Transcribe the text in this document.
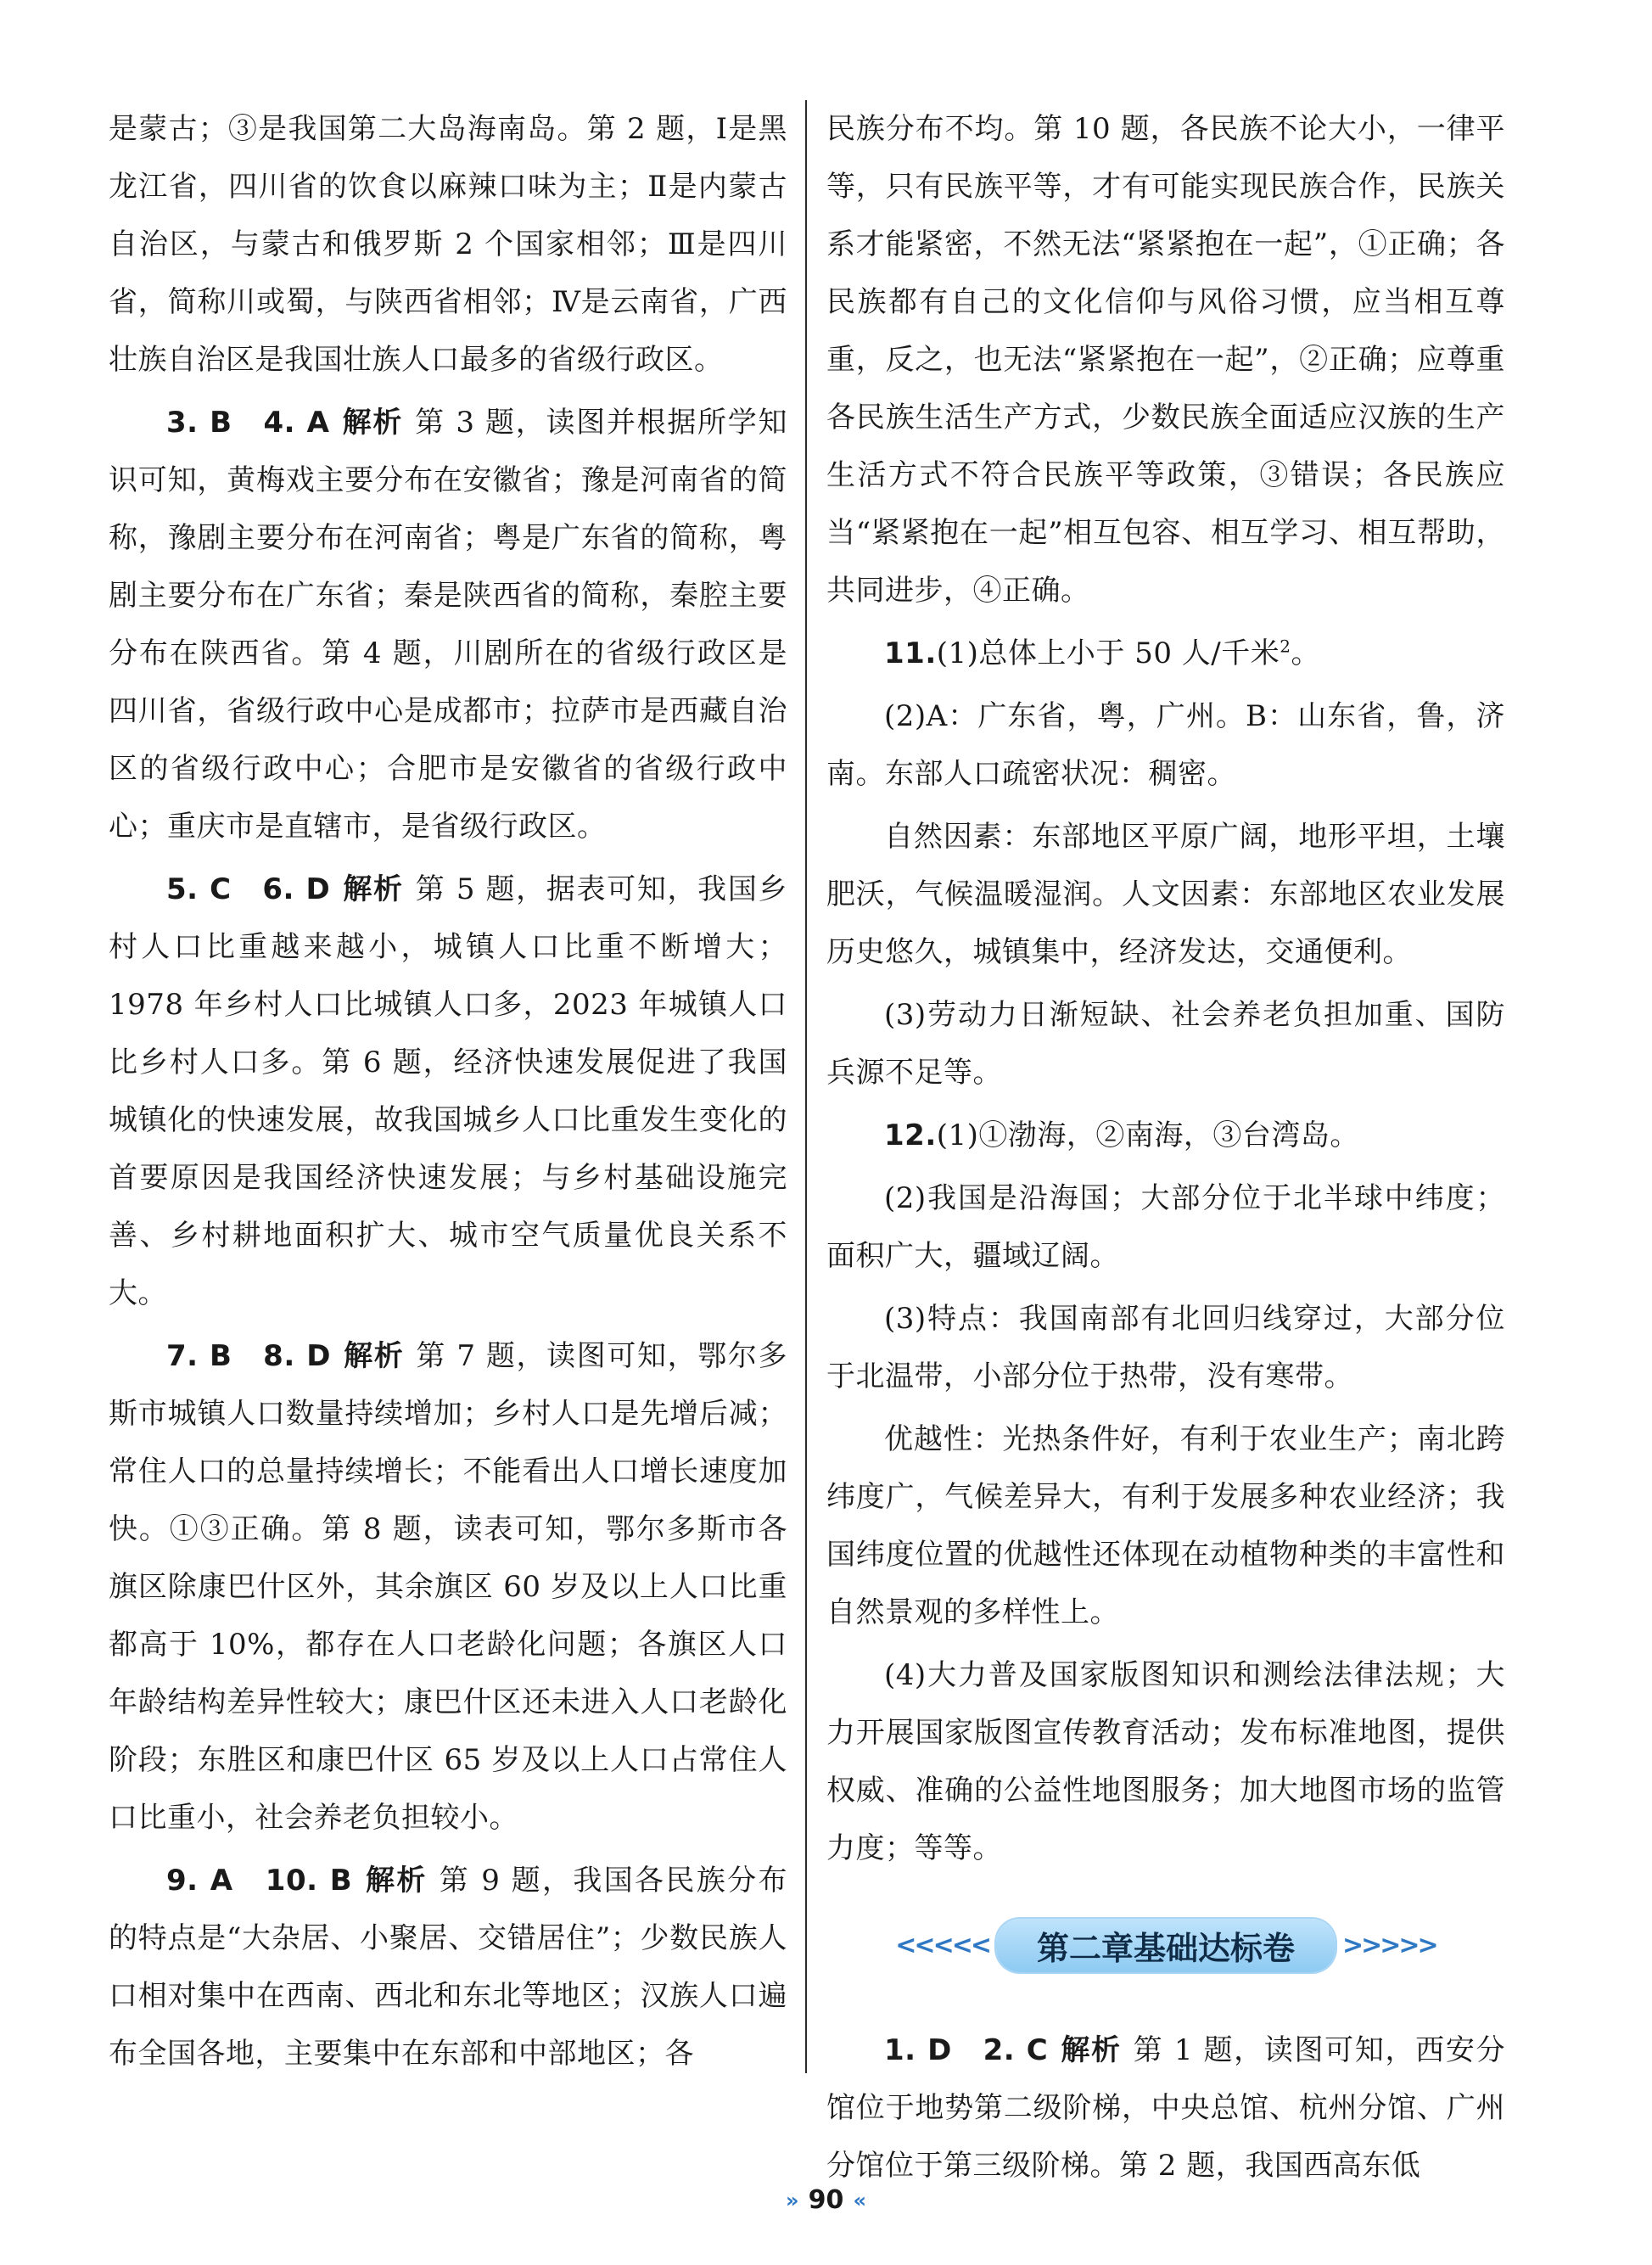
是蒙古；③是我国第二大岛海南岛。第 2 题，Ⅰ是黑龙江省，四川省的饮食以麻辣口味为主；Ⅱ是内蒙古自治区，与蒙古和俄罗斯 2 个国家相邻；Ⅲ是四川省，简称川或蜀，与陕西省相邻；Ⅳ是云南省，广西壮族自治区是我国壮族人口最多的省级行政区。

3. B　4. A 解析 第 3 题，读图并根据所学知识可知，黄梅戏主要分布在安徽省；豫是河南省的简称，豫剧主要分布在河南省；粤是广东省的简称，粤剧主要分布在广东省；秦是陕西省的简称，秦腔主要分布在陕西省。第 4 题，川剧所在的省级行政区是四川省，省级行政中心是成都市；拉萨市是西藏自治区的省级行政中心；合肥市是安徽省的省级行政中心；重庆市是直辖市，是省级行政区。

5. C　6. D 解析 第 5 题，据表可知，我国乡村人口比重越来越小，城镇人口比重不断增大；1978 年乡村人口比城镇人口多，2023 年城镇人口比乡村人口多。第 6 题，经济快速发展促进了我国城镇化的快速发展，故我国城乡人口比重发生变化的首要原因是我国经济快速发展；与乡村基础设施完善、乡村耕地面积扩大、城市空气质量优良关系不大。

7. B　8. D 解析 第 7 题，读图可知，鄂尔多斯市城镇人口数量持续增加；乡村人口是先增后减；常住人口的总量持续增长；不能看出人口增长速度加快。①③正确。第 8 题，读表可知，鄂尔多斯市各旗区除康巴什区外，其余旗区 60 岁及以上人口比重都高于 10%，都存在人口老龄化问题；各旗区人口年龄结构差异性较大；康巴什区还未进入人口老龄化阶段；东胜区和康巴什区 65 岁及以上人口占常住人口比重小，社会养老负担较小。

9. A　10. B 解析 第 9 题，我国各民族分布的特点是“大杂居、小聚居、交错居住”；少数民族人口相对集中在西南、西北和东北等地区；汉族人口遍布全国各地，主要集中在东部和中部地区；各

民族分布不均。第 10 题，各民族不论大小，一律平等，只有民族平等，才有可能实现民族合作，民族关系才能紧密，不然无法“紧紧抱在一起”，①正确；各民族都有自己的文化信仰与风俗习惯，应当相互尊重，反之，也无法“紧紧抱在一起”，②正确；应尊重各民族生活生产方式，少数民族全面适应汉族的生产生活方式不符合民族平等政策，③错误；各民族应当“紧紧抱在一起”相互包容、相互学习、相互帮助，共同进步，④正确。

11.(1)总体上小于 50 人/千米$^2$。

(2)A：广东省，粤，广州。B：山东省，鲁，济南。东部人口疏密状况：稠密。

自然因素：东部地区平原广阔，地形平坦，土壤肥沃，气候温暖湿润。人文因素：东部地区农业发展历史悠久，城镇集中，经济发达，交通便利。

(3)劳动力日渐短缺、社会养老负担加重、国防兵源不足等。

12.(1)①渤海，②南海，③台湾岛。

(2)我国是沿海国；大部分位于北半球中纬度；面积广大，疆域辽阔。

(3)特点：我国南部有北回归线穿过，大部分位于北温带，小部分位于热带，没有寒带。

优越性：光热条件好，有利于农业生产；南北跨纬度广，气候差异大，有利于发展多种农业经济；我国纬度位置的优越性还体现在动植物种类的丰富性和自然景观的多样性上。

(4)大力普及国家版图知识和测绘法律法规；大力开展国家版图宣传教育活动；发布标准地图，提供权威、准确的公益性地图服务；加大地图市场的监管力度；等等。

<<<<<	第二章基础达标卷	>>>>>

1. D　2. C 解析 第 1 题，读图可知，西安分馆位于地势第二级阶梯，中央总馆、杭州分馆、广州分馆位于第三级阶梯。第 2 题，我国西高东低

» 90 «
